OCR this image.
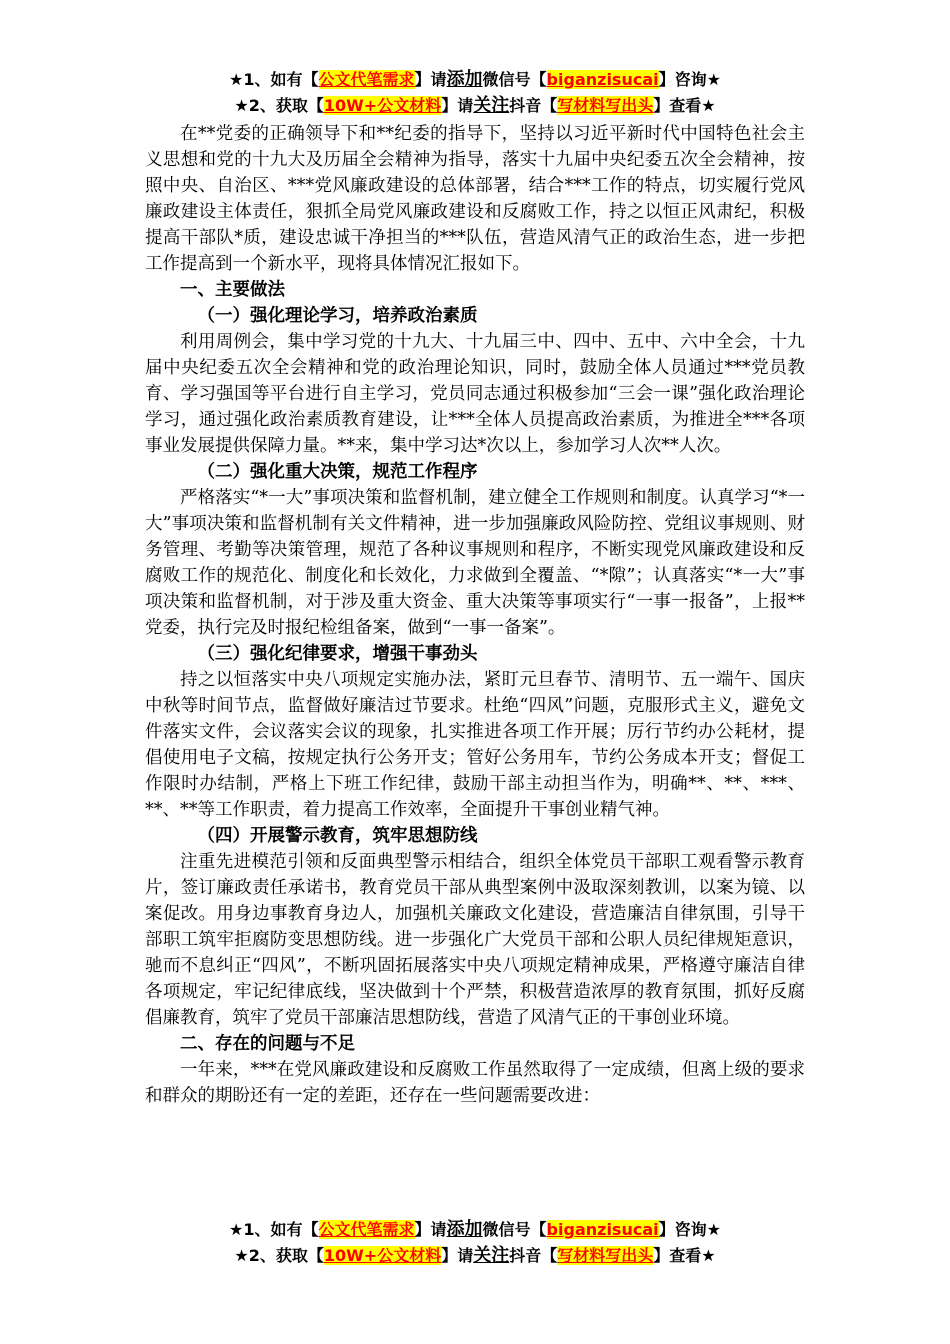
★1、如有【公文代笔需求】请添加微信号【biganzisucai】咨询★
★2、获取【10W+公文材料】请关注抖音【写材料写出头】查看★

在**党委的正确领导下和**纪委的指导下，坚持以习近平新时代中国特色社会主义思想和党的十九大及历届全会精神为指导，落实十九届中央纪委五次全会精神，按照中央、自治区、***党风廉政建设的总体部署，结合***工作的特点，切实履行党风廉政建设主体责任，狠抓全局党风廉政建设和反腐败工作，持之以恒正风肃纪，积极提高干部队*质，建设忠诚干净担当的***队伍，营造风清气正的政治生态，进一步把工作提高到一个新水平，现将具体情况汇报如下。

一、主要做法
（一）强化理论学习，培养政治素质

利用周例会，集中学习党的十九大、十九届三中、四中、五中、六中全会，十九届中央纪委五次全会精神和党的政治理论知识，同时，鼓励全体人员通过***党员教育、学习强国等平台进行自主学习，党员同志通过积极参加“三会一课”强化政治理论学习，通过强化政治素质教育建设，让***全体人员提高政治素质，为推进全***各项事业发展提供保障力量。**来，集中学习达*次以上，参加学习人次**人次。

（二）强化重大决策，规范工作程序

严格落实“*一大”事项决策和监督机制，建立健全工作规则和制度。认真学习“*一大”事项决策和监督机制有关文件精神，进一步加强廉政风险防控、党组议事规则、财务管理、考勤等决策管理，规范了各种议事规则和程序，不断实现党风廉政建设和反腐败工作的规范化、制度化和长效化，力求做到全覆盖、“*隙”；认真落实“*一大”事项决策和监督机制，对于涉及重大资金、重大决策等事项实行“一事一报备”，上报**党委，执行完及时报纪检组备案，做到“一事一备案”。

（三）强化纪律要求，增强干事劲头

持之以恒落实中央八项规定实施办法，紧盯元旦春节、清明节、五一端午、国庆中秋等时间节点，监督做好廉洁过节要求。杜绝“四风”问题，克服形式主义，避免文件落实文件，会议落实会议的现象，扎实推进各项工作开展；厉行节约办公耗材，提倡使用电子文稿，按规定执行公务开支；管好公务用车，节约公务成本开支；督促工作限时办结制，严格上下班工作纪律，鼓励干部主动担当作为，明确**、**、***、**、**等工作职责，着力提高工作效率，全面提升干事创业精气神。

（四）开展警示教育，筑牢思想防线

注重先进模范引领和反面典型警示相结合，组织全体党员干部职工观看警示教育片，签订廉政责任承诺书，教育党员干部从典型案例中汲取深刻教训，以案为镜、以案促改。用身边事教育身边人，加强机关廉政文化建设，营造廉洁自律氛围，引导干部职工筑牢拒腐防变思想防线。进一步强化广大党员干部和公职人员纪律规矩意识，驰而不息纠正“四风”，不断巩固拓展落实中央八项规定精神成果，严格遵守廉洁自律各项规定，牢记纪律底线，坚决做到十个严禁，积极营造浓厚的教育氛围，抓好反腐倡廉教育，筑牢了党员干部廉洁思想防线，营造了风清气正的干事创业环境。

二、存在的问题与不足

一年来，***在党风廉政建设和反腐败工作虽然取得了一定成绩，但离上级的要求和群众的期盼还有一定的差距，还存在一些问题需要改进：

★1、如有【公文代笔需求】请添加微信号【biganzisucai】咨询★
★2、获取【10W+公文材料】请关注抖音【写材料写出头】查看★
